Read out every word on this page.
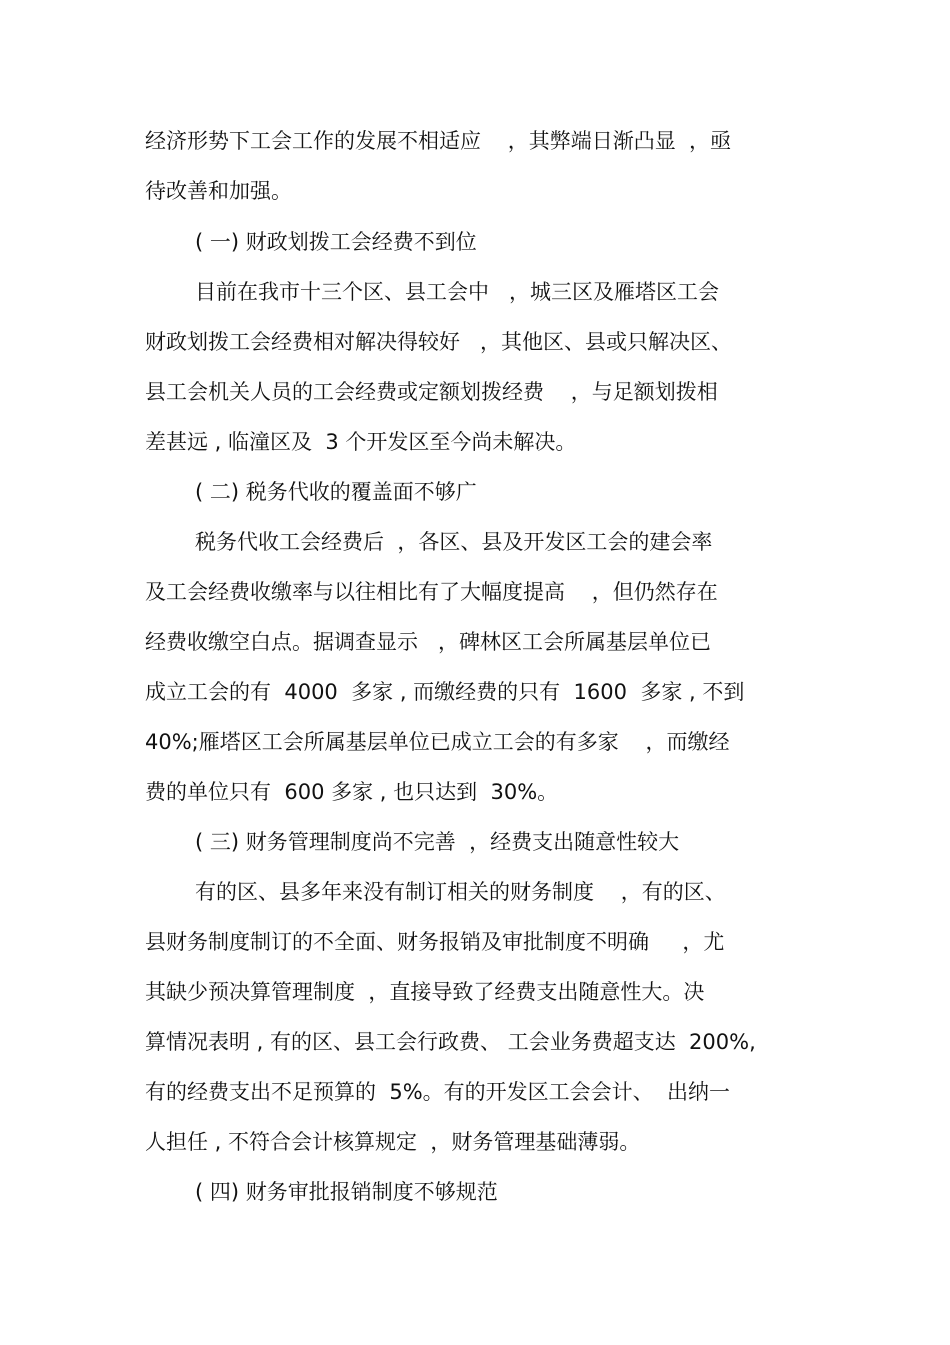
经济形势下工会工作的发展不相适应    ，其弊端日渐凸显  ，亟
待改善和加强。
( 一) 财政划拨工会经费不到位
目前在我市十三个区、县工会中   ，城三区及雁塔区工会
财政划拨工会经费相对解决得较好   ，其他区、县或只解决区、
县工会机关人员的工会经费或定额划拨经费    ，与足额划拨相
差甚远 , 临潼区及  3 个开发区至今尚未解决。
( 二) 税务代收的覆盖面不够广
税务代收工会经费后  ，各区、县及开发区工会的建会率
及工会经费收缴率与以往相比有了大幅度提高    ，但仍然存在
经费收缴空白点。据调查显示   ，碑林区工会所属基层单位已
成立工会的有  4000  多家 , 而缴经费的只有  1600  多家 , 不到
40%;雁塔区工会所属基层单位已成立工会的有多家    ，而缴经
费的单位只有  600 多家 , 也只达到  30%。
( 三) 财务管理制度尚不完善  ，经费支出随意性较大
有的区、县多年来没有制订相关的财务制度    ，有的区、
县财务制度制订的不全面、财务报销及审批制度不明确     ，尤
其缺少预决算管理制度  ，直接导致了经费支出随意性大。决
算情况表明 , 有的区、县工会行政费、 工会业务费超支达  200%,
有的经费支出不足预算的  5%。有的开发区工会会计、  出纳一
人担任 , 不符合会计核算规定  ，财务管理基础薄弱。
( 四) 财务审批报销制度不够规范
